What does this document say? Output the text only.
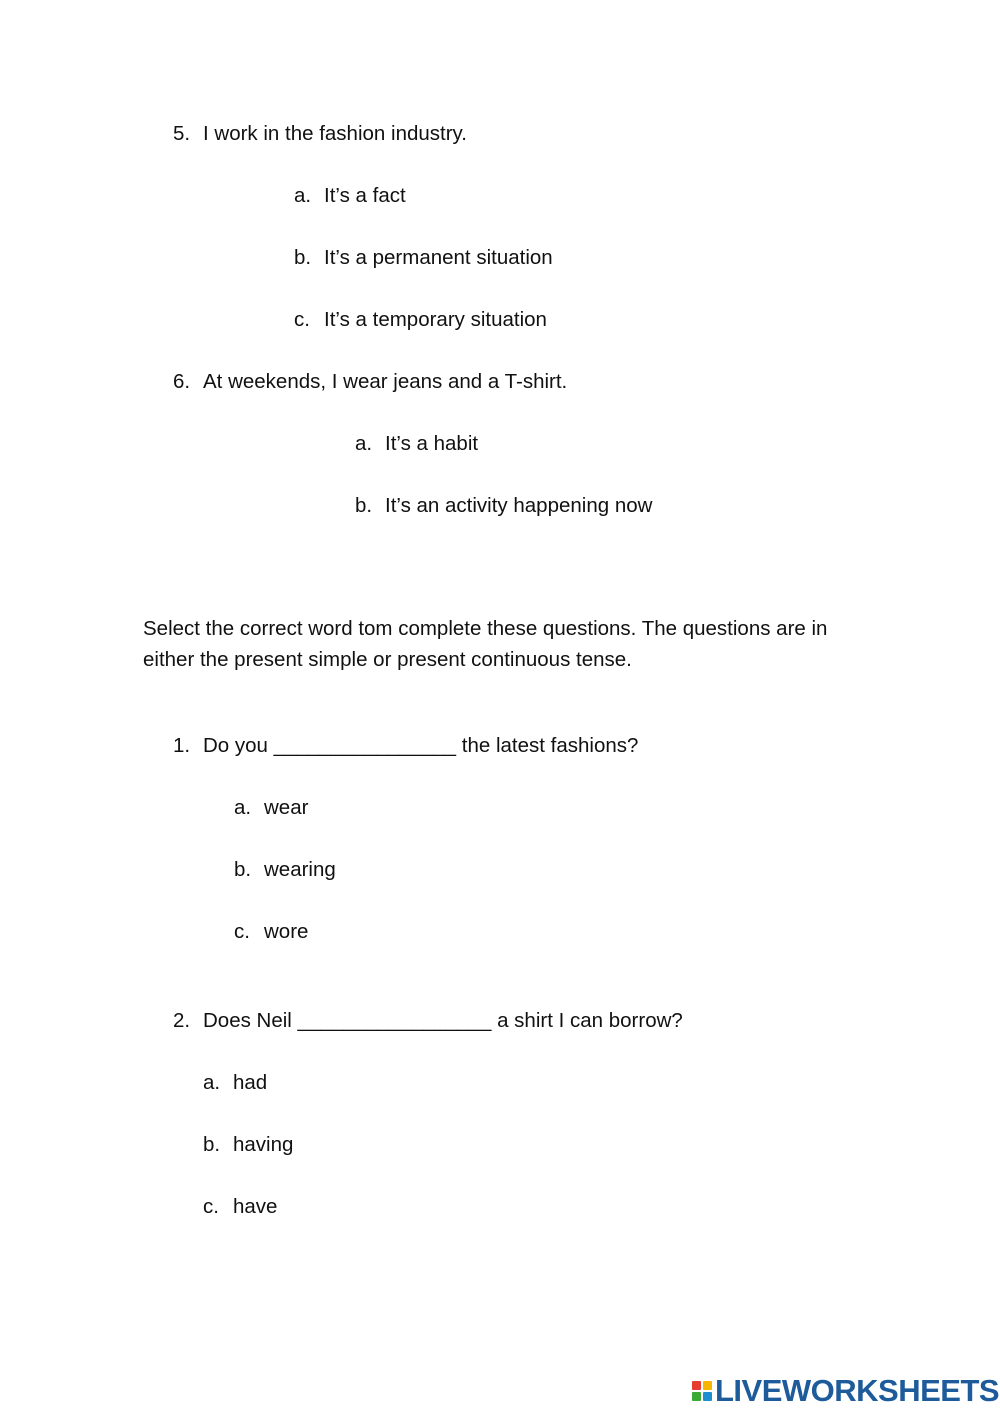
5. I work in the fashion industry.
a. It’s a fact
b. It’s a permanent situation
c. It’s a temporary situation
6. At weekends, I wear jeans and a T-shirt.
a. It’s a habit
b. It’s an activity happening now
Select the correct word tom complete these questions. The questions are in either the present simple or present continuous tense.
1. Do you ________________ the latest fashions?
a. wear
b. wearing
c. wore
2. Does Neil _________________ a shirt I can borrow?
a. had
b. having
c. have
LIVEWORKSHEETS
